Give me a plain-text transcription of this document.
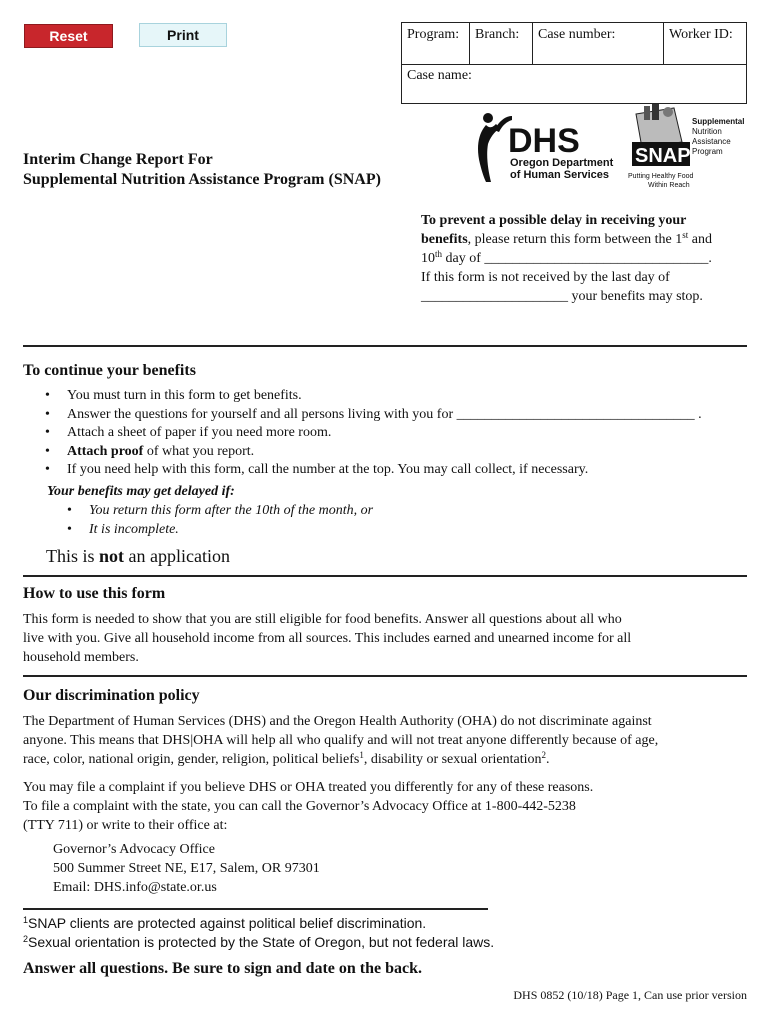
Reset	Print	Program:	Branch:	Case number:	Worker ID:
Case name:
DHS
Oregon Department
of Human Services
SNAP
Supplemental
Nutrition
Assistance
Program
Putting Healthy Food
Within Reach
Interim Change Report For
Supplemental Nutrition Assistance Program (SNAP)
To prevent a possible delay in receiving your
benefits, please return this form between the 1st and
10th day of ________________________________.
If this form is not received by the last day of
_____________________ your benefits may stop.
To continue your benefits
• You must turn in this form to get benefits.
• Answer the questions for yourself and all persons living with you for __________________________________ .
• Attach a sheet of paper if you need more room.
• Attach proof of what you report.
• If you need help with this form, call the number at the top. You may call collect, if necessary.
Your benefits may get delayed if:
• You return this form after the 10th of the month, or
• It is incomplete.
This is not an application
How to use this form
This form is needed to show that you are still eligible for food benefits. Answer all questions about all who
live with you. Give all household income from all sources. This includes earned and unearned income for all
household members.
Our discrimination policy
The Department of Human Services (DHS) and the Oregon Health Authority (OHA) do not discriminate against
anyone. This means that DHS|OHA will help all who qualify and will not treat anyone differently because of age,
race, color, national origin, gender, religion, political beliefs$^1$, disability or sexual orientation$^2$.
You may file a complaint if you believe DHS or OHA treated you differently for any of these reasons.
To file a complaint with the state, you can call the Governor’s Advocacy Office at 1-800-442-5238
(TTY 711) or write to their office at:
Governor’s Advocacy Office
500 Summer Street NE, E17, Salem, OR 97301
Email: DHS.info@state.or.us
$^1$SNAP clients are protected against political belief discrimination.
$^2$Sexual orientation is protected by the State of Oregon, but not federal laws.
Answer all questions. Be sure to sign and date on the back.
DHS 0852 (10/18) Page 1, Can use prior version
